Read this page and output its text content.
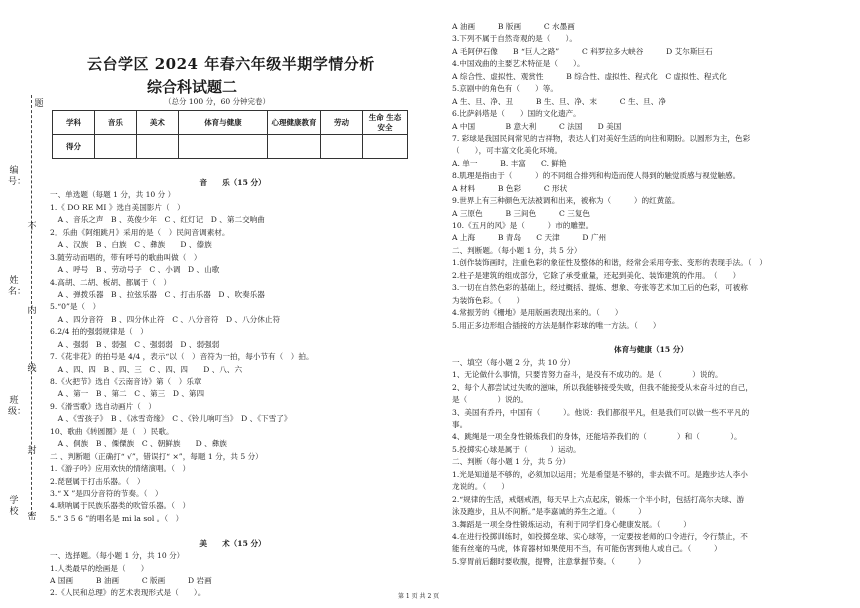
题
编号：
不
姓名：
内
线
班级：
封
学校 密
云台学区 2024 年春六年级半期学情分析
综合科试题二
（总分 100 分，60 分钟完卷）
学科	音乐	美术	体育与健康	心理健康教育	劳动	生命 生态安全
得分						
音　　乐（15 分）
一、单选题（每题 1 分，共 10 分 ）
1.《 DO RE MI 》选自美国影片（　）
　A 、音乐之声　B 、英俊少年　C 、红灯记　D 、第二交响曲
2．乐曲《阿细跳月》采用的是（　）民间音调素材。
　A 、汉族　B 、白族　C 、彝族　　D 、傣族
3.随劳动而唱的，带有呼号的歌曲叫做（　）
　A 、呼号　B 、劳动号子　C 、小调　D 、山歌
4.高胡、二胡、板胡、都属于（　）
　A 、弹拨乐器　B 、拉弦乐器　C 、打击乐器　D 、吹奏乐器
5.“0”是（　）
　A 、四分音符　B 、四分休止符　C 、八分音符　D 、八分休止符
6.2/4 拍的强弱规律是（　）
　A 、强弱　B 、弱强　C 、强弱弱　D 、弱强弱
7.《花非花》的拍号是 4/4 ，表示“以（　）音符为一拍，每小节有（　）拍。
　A 、四、四　B 、四、三　C 、四、四　　D 、八、六
8.《火把节》选自《云南音诗》第（　）乐章
　A 、第一　B 、第二　C 、第三　D 、第四
9.《滑雪歌》选自动画片（　）
　A 、《雪孩子》　B 、《冰雪奇缘》　C 、《铃儿响叮当》　D 、《下雪了》
10、歌曲《转圆圈》是（　）民歌。
　A 、侗族　B 、傈僳族　C 、朝鲜族　　D 、彝族
二 、判断题（正确打“ √”，错误打“ ×”，每题 1 分，共 5 分）
1.《游子吟》应用欢快的情绪演唱。（　）
2.琵琶属于打击乐器。（　）
3.“ X ”是四分音符的节奏。（　）
4.唢呐属于民族乐器类的吹管乐器。（　）
5.“ 3 5 6 ”的唱名是 mi la sol 。（　）
美　　术（15 分）
一、选择题。（每小题 1 分，共 10 分）
1.人类最早的绘画是（　　）
A 国画　　　B 油画　　　C 版画　　　D 岩画
2.《人民和总理》的艺术表现形式是（　　）。
A 油画　　　B 版画　　　C 水墨画
3.下列不属于自然奇观的是（　　）。
A 毛阿伊石像　　B “巨人之路”　　　C 科罗拉多大峡谷　　　D 艾尔斯巨石
4.中国戏曲的主要艺术特征是（　　）。
A 综合性、虚拟性、观赏性　　　B 综合性、虚拟性、程式化　C 虚拟性、程式化
5.京剧中的角色有（　　）等。
A 生、旦、净、丑　　　B 生、旦、净、末　　　C 生、旦、净
6.比萨斜塔是（　　）国的文化遗产。
A 中国　　　　B 意大利　　　C 法国　　D 美国
7. 彩球是我国民间常见的吉祥物，表达人们对美好生活的向往和期盼。以圆形为主，色彩
（　　），可丰富文化美化环境。
A. 单一　　　B. 丰富　　C. 鲜艳
8.肌理是指由于（　　　）的不同组合排列和构造而使人得到的触觉质感与视觉触感。
A 材料　　　B 色彩　　　C 形状
9.世界上有三种颜色无法被调和出来，被称为（　　　）的红黄蓝。
A 三原色　　　B 三间色　　　C 三复色
10.《五月的风》是（　　　）市的雕塑。
A 上海　　　B 青岛　　C 天津　　　D 广州
二、判断题。（每小题 1 分，共 5 分）
1.创作装饰画时，注重色彩的象征性及整体的和谐，经常会采用夸张、变形的表现手法。（　）
2.柱子是建筑的组成部分，它除了承受重量，还起到美化、装饰建筑的作用。　（　　）
3.一切在自然色彩的基础上，经过概括、提炼、想象、夸张等艺术加工后的色彩，可被称
为装饰色彩。（　　）
4.常振芳的《栅地》是用版画表现出来的。（　　）
5.用正多边形组合插接的方法是制作彩球的唯一方法。（　　）
体育与健康（15 分）
一、填空（每小题 2 分，共 10 分）
1、无论做什么事情，只要肯努力奋斗，是没有不成功的。是（　　　　）说的。
2、每个人都尝试过失败的滋味，所以我能够接受失败，但我不能接受从未奋斗过的自己，
是（　　　　）说的。
3、美国有乔丹，中国有（　　　）。他说：我们都很平凡，但是我们可以做一些不平凡的
事。
4、跳绳是一项全身性锻炼我们的身体，还能培养我们的（　　　　）和（　　　　）。
5.投掷实心球是属于（　　　）运动。
二、判断（每小题 1 分，共 5 分）
1.光是知道是不够的，必须加以运用；光是希望是不够的，非去做不可。是跑步达人李小
龙说的。（　　）
2.“规律的生活，戒烟戒酒，每天早上六点起床，锻炼一个半小时，包括打高尔夫球、游
泳及跑步，且从不间断。”是李嘉诚的养生之道。（　　　）
3.舞蹈是一项全身性锻炼运动，有利于同学们身心健康发展。（　　　）
4.在进行投掷训练时，如投掷垒球、实心球等，一定要按老师的口令进行，令行禁止，不
能有丝毫的马虎，体育器材如果使用不当，有可能伤害到他人或自己。（　　　）
5.穿胃前后翻时要收腹，提臀，注意掌握节奏。（　　　）
第 1 页 共 2 页
